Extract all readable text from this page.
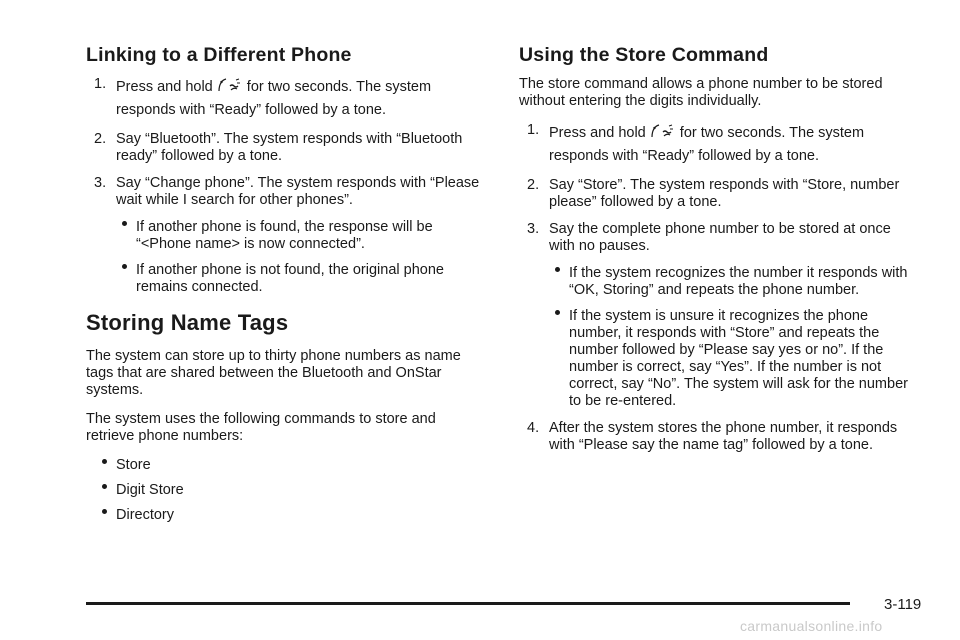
Linking to a Different Phone
1. Press and hold for two seconds. The system
responds with “Ready” followed by a tone.
2. Say “Bluetooth”. The system responds with “Bluetooth ready” followed by a tone.
3. Say “Change phone”. The system responds with “Please wait while I search for other phones”.
If another phone is found, the response will be “<Phone name> is now connected”.
If another phone is not found, the original phone remains connected.
Storing Name Tags

The system can store up to thirty phone numbers as name tags that are shared between the Bluetooth and OnStar systems.

The system uses the following commands to store and retrieve phone numbers:

Store
Digit Store
Directory
Using the Store Command

The store command allows a phone number to be stored without entering the digits individually.

1. Press and hold for two seconds. The system
responds with “Ready” followed by a tone.
2. Say “Store”. The system responds with “Store, number please” followed by a tone.
3. Say the complete phone number to be stored at once with no pauses.
If the system recognizes the number it responds with “OK, Storing” and repeats the phone number.
If the system is unsure it recognizes the phone number, it responds with “Store” and repeats the number followed by “Please say yes or no”. If the number is correct, say “Yes”. If the number is not correct, say “No”. The system will ask for the number to be re-entered.
4. After the system stores the phone number, it responds with “Please say the name tag” followed by a tone.
3-119
carmanualsonline.info
